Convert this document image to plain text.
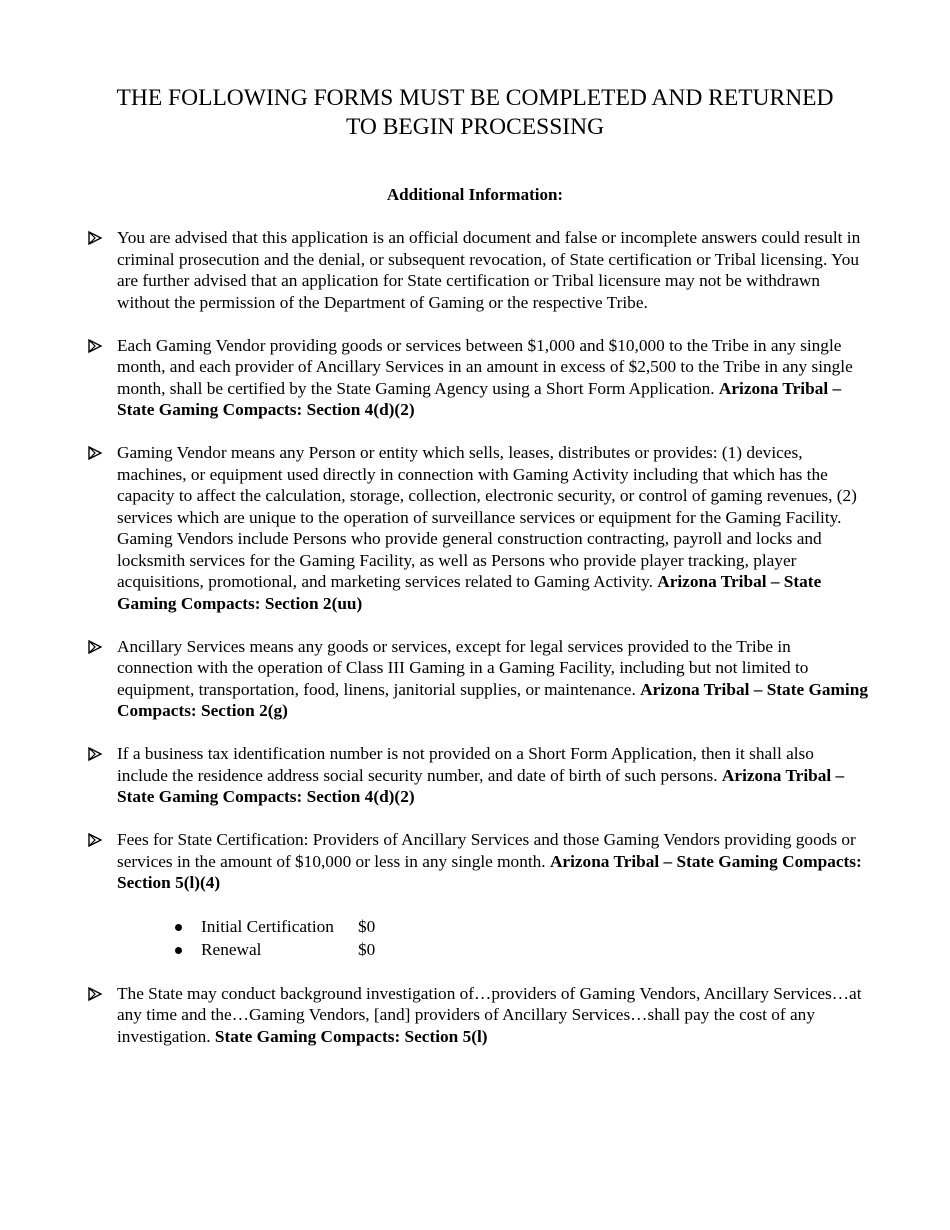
THE FOLLOWING FORMS MUST BE COMPLETED AND RETURNED
TO BEGIN PROCESSING
Additional Information:
You are advised that this application is an official document and false or incomplete answers could result in criminal prosecution and the denial, or subsequent revocation, of State certification or Tribal licensing. You are further advised that an application for State certification or Tribal licensure may not be withdrawn without the permission of the Department of Gaming or the respective Tribe.
Each Gaming Vendor providing goods or services between $1,000 and $10,000 to the Tribe in any single month, and each provider of Ancillary Services in an amount in excess of $2,500 to the Tribe in any single month, shall be certified by the State Gaming Agency using a Short Form Application. Arizona Tribal – State Gaming Compacts: Section 4(d)(2)
Gaming Vendor means any Person or entity which sells, leases, distributes or provides: (1) devices, machines, or equipment used directly in connection with Gaming Activity including that which has the capacity to affect the calculation, storage, collection, electronic security, or control of gaming revenues, (2) services which are unique to the operation of surveillance services or equipment for the Gaming Facility. Gaming Vendors include Persons who provide general construction contracting, payroll and locks and locksmith services for the Gaming Facility, as well as Persons who provide player tracking, player acquisitions, promotional, and marketing services related to Gaming Activity. Arizona Tribal – State Gaming Compacts: Section 2(uu)
Ancillary Services means any goods or services, except for legal services provided to the Tribe in connection with the operation of Class III Gaming in a Gaming Facility, including but not limited to equipment, transportation, food, linens, janitorial supplies, or maintenance. Arizona Tribal – State Gaming Compacts: Section 2(g)
If a business tax identification number is not provided on a Short Form Application, then it shall also include the residence address social security number, and date of birth of such persons. Arizona Tribal – State Gaming Compacts: Section 4(d)(2)
Fees for State Certification: Providers of Ancillary Services and those Gaming Vendors providing goods or services in the amount of $10,000 or less in any single month. Arizona Tribal – State Gaming Compacts: Section 5(l)(4)
Initial Certification $0
Renewal	$0
The State may conduct background investigation of…providers of Gaming Vendors, Ancillary Services…at any time and the…Gaming Vendors, [and] providers of Ancillary Services…shall pay the cost of any investigation. State Gaming Compacts: Section 5(l)
